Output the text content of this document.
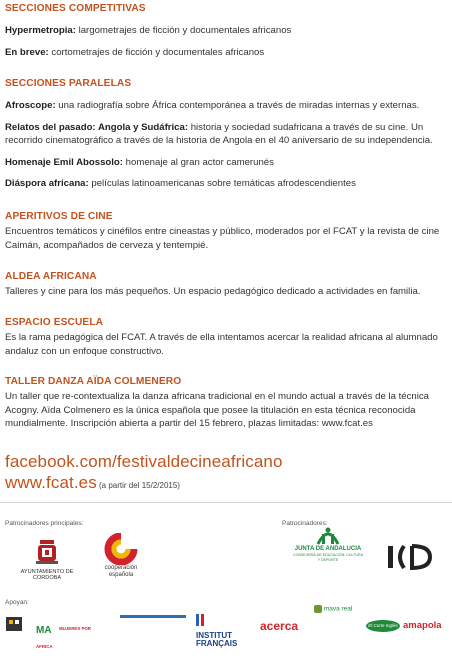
SECCIONES COMPETITIVAS

Hypermetropia: largometrajes de ficción y documentales africanos

En breve: cortometrajes de ficción y documentales africanos

SECCIONES PARALELAS

Afroscope: una radiografía sobre África contemporánea a través de miradas internas y externas.

Relatos del pasado: Angola y Sudáfrica: historia y sociedad sudafricana a través de su cine. Un recorrido cinematográfico a través de la historia de Angola en el 40 aniversario de su independencia.

Homenaje Emil Abossolo: homenaje al gran actor camerunés

Diáspora africana: películas latinoamericanas sobre temáticas afrodescendientes

APERITIVOS DE CINE

Encuentros temáticos y cinéfilos entre cineastas y público, moderados por el FCAT y la revista de cine Caimán, acompañados de cerveza y tentempié.

ALDEA AFRICANA

Talleres y cine para los más pequeños. Un espacio pedagógico dedicado a actividades en familia.

ESPACIO ESCUELA

Es la rama pedagógica del FCAT. A través de ella intentamos acercar la realidad africana al alumnado andaluz con un enfoque constructivo.

TALLER DANZA AÏDA COLMENERO

Un taller que re-contextualiza la danza africana tradicional en el mundo actual a través de la técnica Acogny. Aïda Colmenero es la única española que posee la titulación en esta técnica reconocida mundialmente. Inscripción abierta a partir del 15 febrero, plazas limitadas: www.fcat.es

facebook.com/festivaldecineafricano

www.fcat.es (a partir del 15/2/2015)

Patrocinadores principales:	Patrocinadores:
AYUNTAMIENTO DE CORDOBA
cooperación
española
JUNTA DE ANDALUCIA
CONSEJERÍA DE EDUCACIÓN, CULTURA Y DEPORTE
Apoyan:
MA MUJERES POR ÁFRICA
INSTITUT
FRANÇAIS
acerca
mava real
El Corte Inglés amapola
